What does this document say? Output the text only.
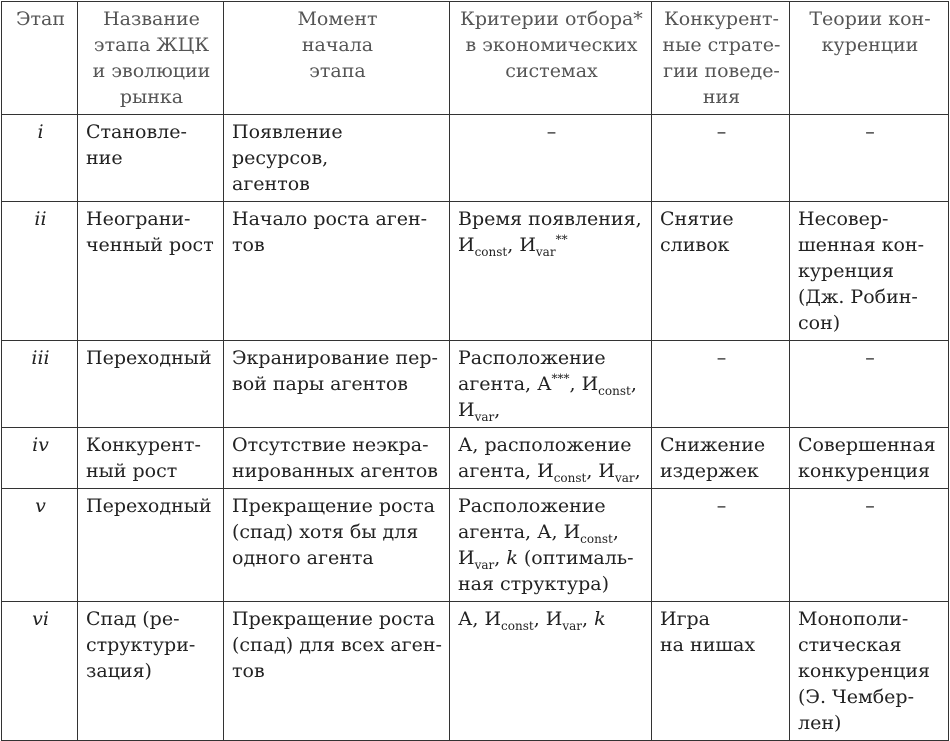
Этап	Название
этапа ЖЦК
и эволюции
рынка	Момент
начала
этапа	Критерии отбора*
в экономических
системах	Конкурент-
ные страте-
гии поведе-
ния	Теории кон-
куренции
i	Становле-
ние	Появление ресурсов,
агентов	–	–	–
ii	Неограни-
ченный рост	Начало роста аген-
тов	Время появления,
$И_{const}$, $И_{var}^{**}$	Снятие
сливок	Несовер-
шенная кон-
куренция
(Дж. Робин-
сон)
iii	Переходный	Экранирование пер-
вой пары агентов	Расположение
агента, А***, $И_{const}$,
$И_{var}$,	–	–
iv	Конкурент-
ный рост	Отсутствие неэкра-
нированных агентов	А, расположение
агента, $И_{const}$, $И_{var}$,	Снижение
издержек	Совершенная
конкуренция
v	Переходный	Прекращение роста
(спад) хотя бы для
одного агента	Расположение
агента, А, $И_{const}$,
$И_{var}$, k (оптималь-
ная структура)	–	–
vi	Спад (ре-
структури-
зация)	Прекращение роста
(спад) для всех аген-
тов	А, $И_{const}$, $И_{var}$, k	Игра
на нишах	Монополи-
стическая
конкуренция
(Э. Чембер-
лен)
